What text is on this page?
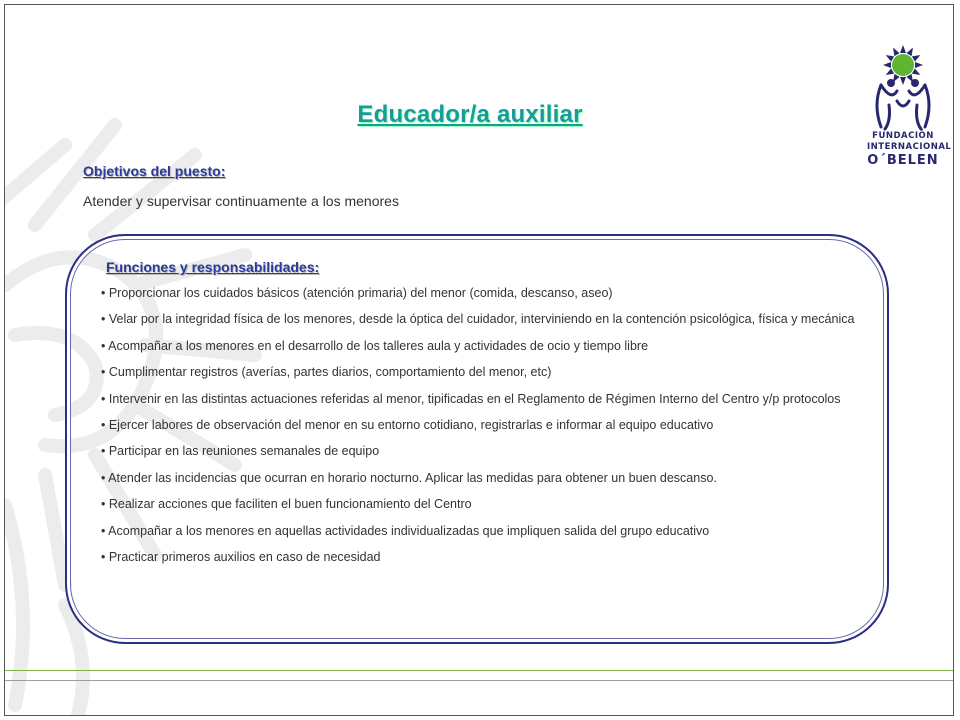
Educador/a auxiliar
Objetivos del puesto:

Atender y supervisar continuamente a los menores

FUNDACIÓN
INTERNACIONAL
O´BELEN
Funciones y responsabilidades:
• Proporcionar los cuidados básicos (atención primaria) del menor (comida, descanso, aseo)
• Velar por la integridad física de los menores, desde la óptica del cuidador, interviniendo en la contención psicológica, física y mecánica
• Acompañar a los menores en el desarrollo de los talleres aula y actividades de ocio y tiempo libre
• Cumplimentar registros (averías, partes diarios, comportamiento del menor, etc)
• Intervenir en las distintas actuaciones referidas al menor, tipificadas en el Reglamento de Régimen Interno del Centro y/p protocolos
• Ejercer labores de observación del menor en su entorno cotidiano, registrarlas e informar al equipo educativo
• Participar en las reuniones semanales de equipo
• Atender las incidencias que ocurran en horario nocturno. Aplicar las medidas para obtener un buen descanso.
• Realizar acciones que faciliten el buen funcionamiento del Centro
• Acompañar a los menores en aquellas actividades individualizadas que impliquen salida del grupo educativo
• Practicar primeros auxilios en caso de necesidad
